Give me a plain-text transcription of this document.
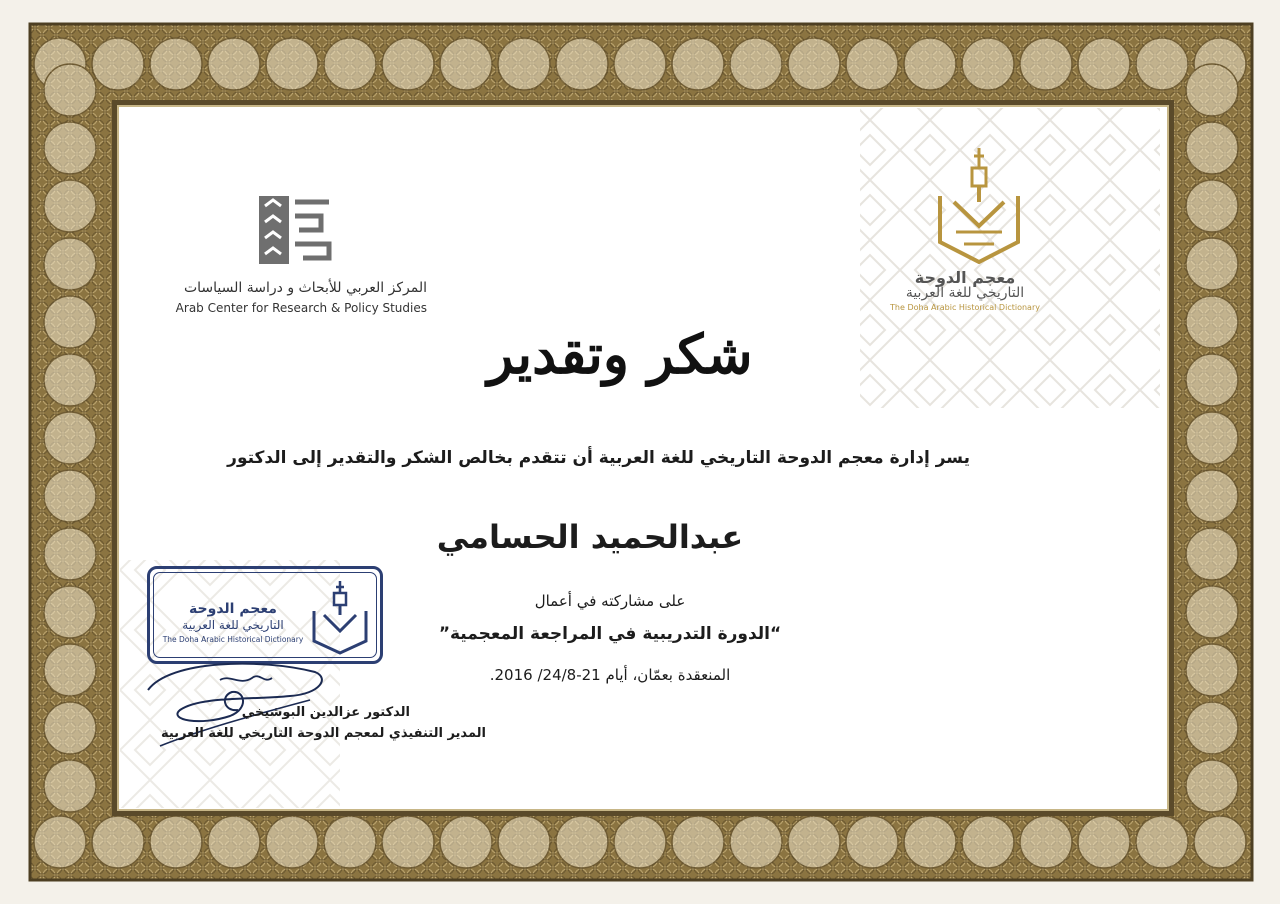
المركز العربي للأبحاث و دراسة السياسات
Arab Center for Research & Policy Studies
معجم الدوحة
التاريخي للغة العربية
The Doha Arabic Historical Dictionary
شكر وتقدير
يسر إدارة معجم الدوحة التاريخي للغة العربية أن تتقدم بخالص الشكر والتقدير إلى الدكتور
عبدالحميد الحسامي
على مشاركته في أعمال
“الدورة التدريبية في المراجعة المعجمية”
المنعقدة بعمّان، أيام 21-24/8/ 2016.
معجم الدوحة
التاريخي للغة العربية
The Doha Arabic Historical Dictionary
الدكتور عزالدين البوشيخي
المدير التنفيذي لمعجم الدوحة التاريخي للغة العربية
